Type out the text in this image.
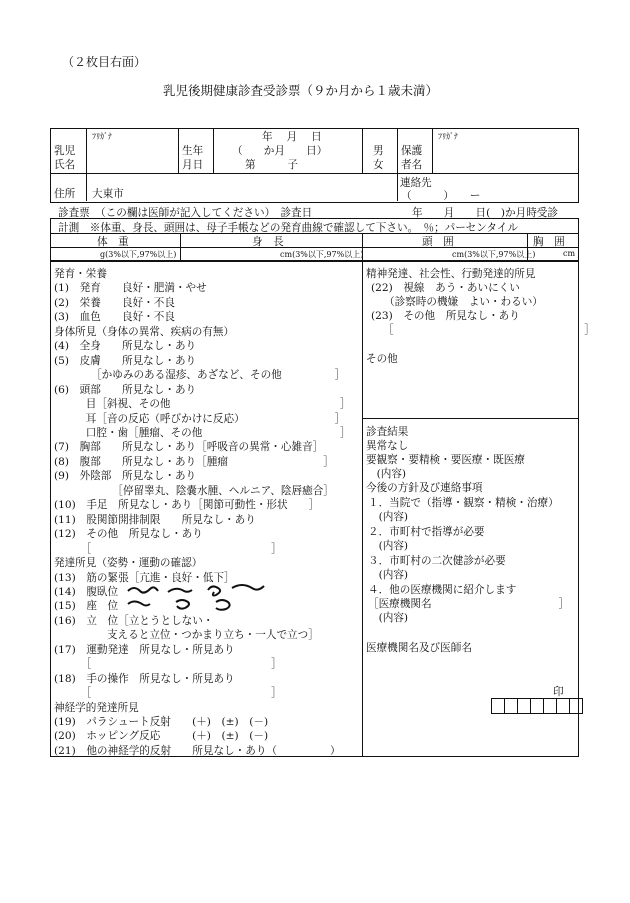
（２枚目右面）
乳児後期健康診査受診票（９か月から１歳未満）
ﾌﾘｶﾞﾅ
乳児
氏名
生年
月日
年　 月　 日
（　　か月　　日）
第　　　子
男
女
保護
者名
ﾌﾘｶﾞﾅ
住所 大東市
連絡先
（　　　）　　ー
診査票　（この欄は医師が記入してください）　診査日	年　　月　　日(　)か月時受診
計測　※体重、身長、頭囲は、母子手帳などの発育曲線で確認して下さい。　％；パーセンタイル
体　重	身　長	頭　囲	胸　囲
g(3%以下,97%以上)	cm(3%以下,97%以上)	cm(3%以下,97%以上)	cm
発育・栄養
(1)　発育　　良好・肥満・やせ
(2)　栄養　　良好・不良
(3)　血色　　良好・不良
身体所見（身体の異常、疾病の有無）
(4)　全身　　所見なし・あり
(5)　皮膚　　所見なし・あり
　　　　［かゆみのある湿疹、あざなど、その他　　　　　］
(6)　頭部　　所見なし・あり
　　　目［斜視、その他　　　　　　　　　　　　　　　　］
　　　耳［音の反応（呼びかけに反応）　　　　　　　　　］
　　　口腔・歯［腫瘤、その他　　　　　　　　　　　　　］
(7)　胸部　　所見なし・あり［呼吸音の異常・心雑音］
(8)　腹部　　所見なし・あり［腫瘤　　　　　　　　　］
(9)　外陰部　所見なし・あり
　　　　　　［停留睾丸、陰嚢水腫、ヘルニア、陰唇癒合］
(10)　手足　所見なし・あり［関節可動性・形状　　］
(11)　股関節開排制限　　所見なし・あり
(12)　その他　所見なし・あり
　　　［　　　　　　　　　　　　　　　　　］
発達所見（姿勢・運動の確認）
(13)　筋の緊張［亢進・良好・低下］
(14)　腹臥位
(15)　座　位
(16)　立　位［立とうとしない・
　　　　　支えると立位・つかまり立ち・一人で立つ］
(17)　運動発達　所見なし・所見あり
　　　［　　　　　　　　　　　　　　　　　］
(18)　手の操作　所見なし・所見あり
　　　［　　　　　　　　　　　　　　　　　］
神経学的発達所見
(19)　パラシュート反射　　(＋)　(±)　(－)
(20)　ホッピング反応　　　(＋)　(±)　(－)
(21)　他の神経学的反射　　所見なし・あり（　　　　　）
精神発達、社会性、行動発達的所見
(22)　視線　あう・あいにくい
（診察時の機嫌　よい・わるい）
(23)　その他　所見なし・あり
［　　　　　　　　　　　　　　　　　　］
その他
診査結果
異常なし
要観察・要精検・要医療・既医療
　(内容)
今後の方針及び連絡事項
１．当院で（指導・観察・精検・治療）
　(内容)
２．市町村で指導が必要
　(内容)
３．市町村の二次健診が必要
　(内容)
４．他の医療機関に紹介します
［医療機関名　　　　　　　　　　　　］
　(内容)
医療機関名及び医師名
印
